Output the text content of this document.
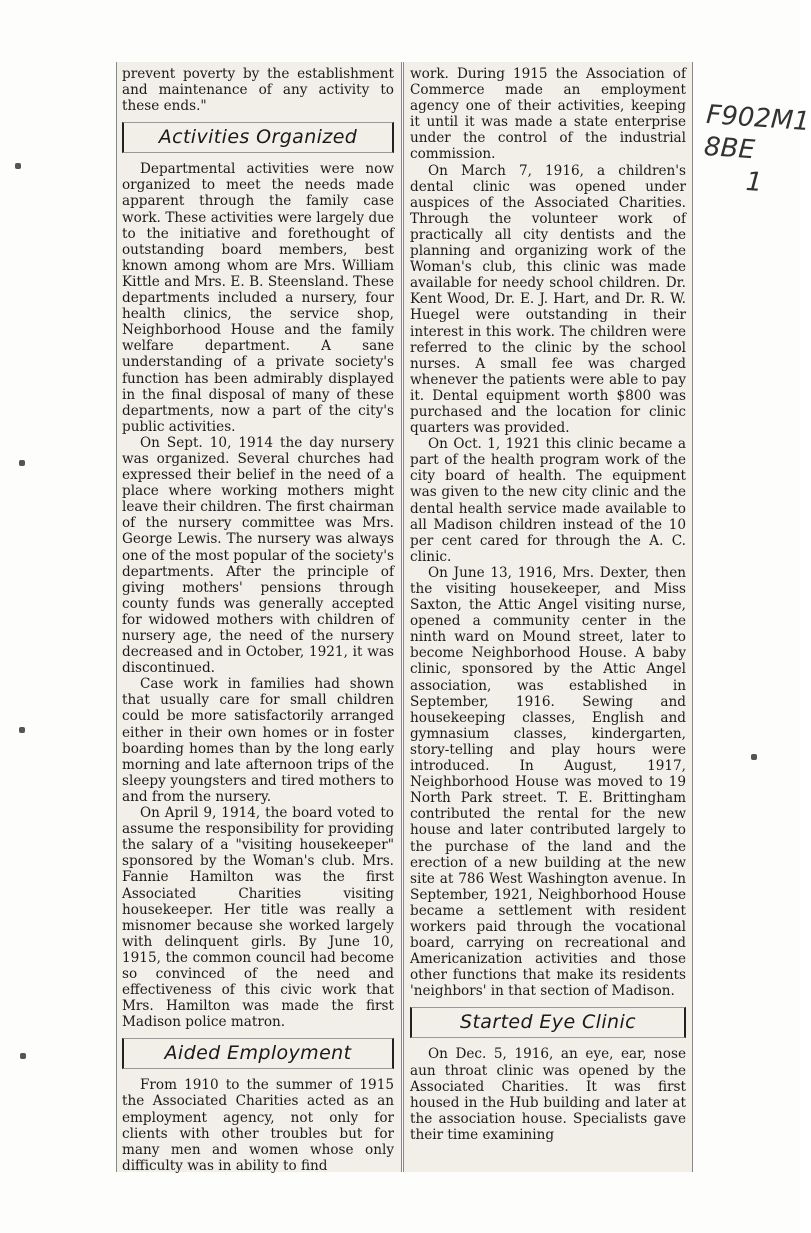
F902M1
8BE
1

prevent poverty by the establishment and maintenance of any activity to these ends."

Activities Organized

Departmental activities were now organized to meet the needs made apparent through the family case work. These activities were largely due to the initiative and forethought of outstanding board members, best known among whom are Mrs. William Kittle and Mrs. E. B. Steensland. These departments included a nursery, four health clinics, the service shop, Neighborhood House and the family welfare department. A sane understanding of a private society's function has been admirably displayed in the final disposal of many of these departments, now a part of the city's public activities.

On Sept. 10, 1914 the day nursery was organized. Several churches had expressed their belief in the need of a place where working mothers might leave their children. The first chairman of the nursery committee was Mrs. George Lewis. The nursery was always one of the most popular of the society's departments. After the principle of giving mothers' pensions through county funds was generally accepted for widowed mothers with children of nursery age, the need of the nursery decreased and in October, 1921, it was discontinued.

Case work in families had shown that usually care for small children could be more satisfactorily arranged either in their own homes or in foster boarding homes than by the long early morning and late afternoon trips of the sleepy youngsters and tired mothers to and from the nursery.

On April 9, 1914, the board voted to assume the responsibility for providing the salary of a "visiting housekeeper" sponsored by the Woman's club. Mrs. Fannie Hamilton was the first Associated Charities visiting housekeeper. Her title was really a misnomer because she worked largely with delinquent girls. By June 10, 1915, the common council had become so convinced of the need and effectiveness of this civic work that Mrs. Hamilton was made the first Madison police matron.

Aided Employment

From 1910 to the summer of 1915 the Associated Charities acted as an employment agency, not only for clients with other troubles but for many men and women whose only difficulty was in ability to find

work. During 1915 the Association of Commerce made an employment agency one of their activities, keeping it until it was made a state enterprise under the control of the industrial commission.

On March 7, 1916, a children's dental clinic was opened under auspices of the Associated Charities. Through the volunteer work of practically all city dentists and the planning and organizing work of the Woman's club, this clinic was made available for needy school children. Dr. Kent Wood, Dr. E. J. Hart, and Dr. R. W. Huegel were outstanding in their interest in this work. The children were referred to the clinic by the school nurses. A small fee was charged whenever the patients were able to pay it. Dental equipment worth $800 was purchased and the location for clinic quarters was provided.

On Oct. 1, 1921 this clinic became a part of the health program work of the city board of health. The equipment was given to the new city clinic and the dental health service made available to all Madison children instead of the 10 per cent cared for through the A. C. clinic.

On June 13, 1916, Mrs. Dexter, then the visiting housekeeper, and Miss Saxton, the Attic Angel visiting nurse, opened a community center in the ninth ward on Mound street, later to become Neighborhood House. A baby clinic, sponsored by the Attic Angel association, was established in September, 1916. Sewing and housekeeping classes, English and gymnasium classes, kindergarten, story-telling and play hours were introduced. In August, 1917, Neighborhood House was moved to 19 North Park street. T. E. Brittingham contributed the rental for the new house and later contributed largely to the purchase of the land and the erection of a new building at the new site at 786 West Washington avenue. In September, 1921, Neighborhood House became a settlement with resident workers paid through the vocational board, carrying on recreational and Americanization activities and those other functions that make its residents 'neighbors' in that section of Madison.

Started Eye Clinic

On Dec. 5, 1916, an eye, ear, nose aun throat clinic was opened by the Associated Charities. It was first housed in the Hub building and later at the association house. Specialists gave their time examining
